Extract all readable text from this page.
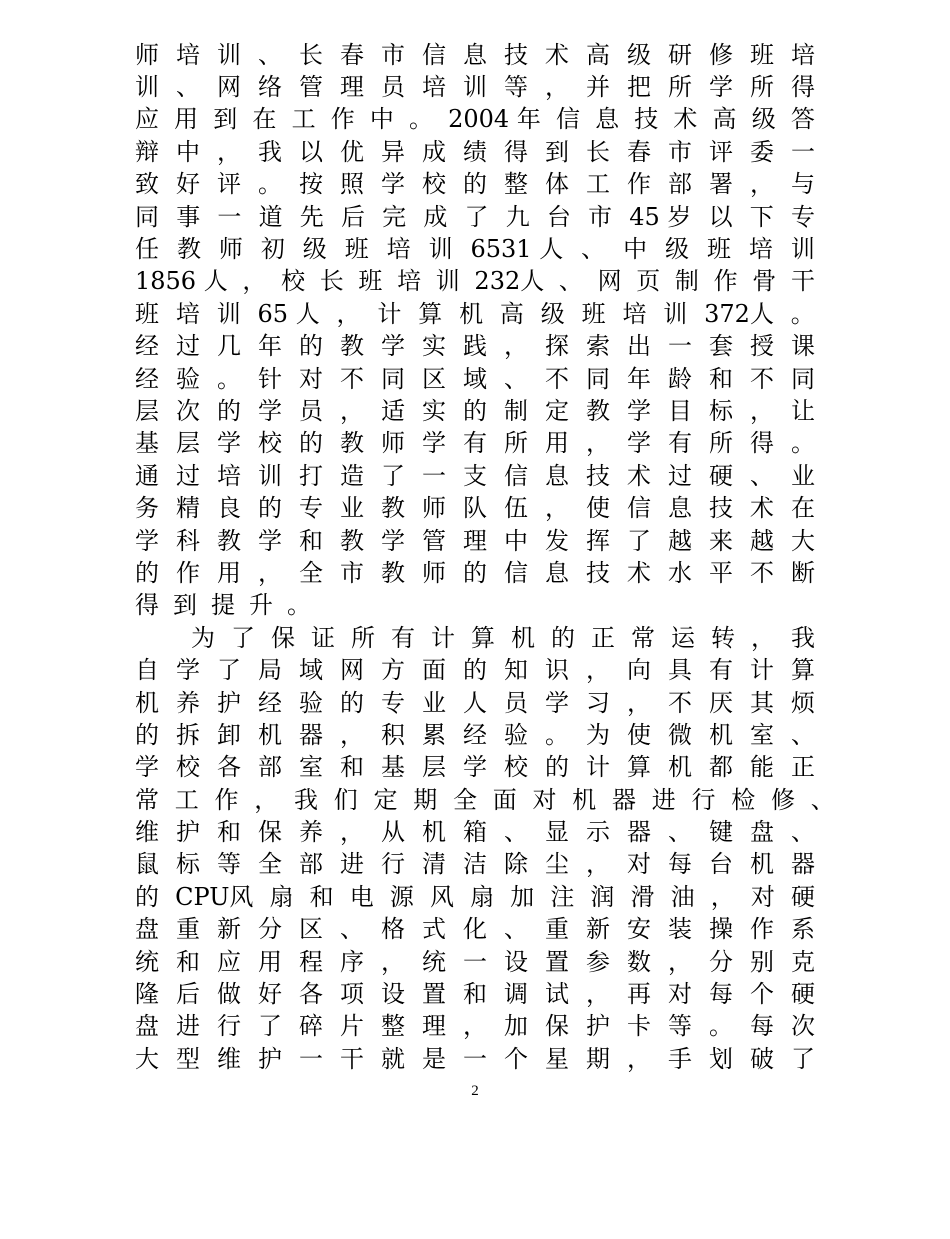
师 培 训 、 长 春 市 信 息 技 术 高 级 研 修 班 培
训 、 网 络 管 理 员 培 训 等 ， 并 把 所 学 所 得
应 用 到 在 工 作 中 。 2004 年 信 息 技 术 高 级 答
辩 中 ， 我 以 优 异 成 绩 得 到 长 春 市 评 委 一
致 好 评 。 按 照 学 校 的 整 体 工 作 部 署 ， 与
同 事 一 道 先 后 完 成 了 九 台 市 45 岁 以 下 专
任 教 师 初 级 班 培 训 6531 人 、 中 级 班 培 训
1856 人 ， 校 长 班 培 训 232人 、 网 页 制 作 骨 干
班 培 训 65 人 ， 计 算 机 高 级 班 培 训 372人 。
经 过 几 年 的 教 学 实 践 ， 探 索 出 一 套 授 课
经 验 。 针 对 不 同 区 域 、 不 同 年 龄 和 不 同
层 次 的 学 员 ， 适 实 的 制 定 教 学 目 标 ， 让
基 层 学 校 的 教 师 学 有 所 用 ， 学 有 所 得 。
通 过 培 训 打 造 了 一 支 信 息 技 术 过 硬 、 业
务 精 良 的 专 业 教 师 队 伍 ， 使 信 息 技 术 在
学 科 教 学 和 教 学 管 理 中 发 挥 了 越 来 越 大
的 作 用 ， 全 市 教 师 的 信 息 技 术 水 平 不 断
得 到 提 升 。
为 了 保 证 所 有 计 算 机 的 正 常 运 转 ， 我
自 学 了 局 域 网 方 面 的 知 识 ， 向 具 有 计 算
机 养 护 经 验 的 专 业 人 员 学 习 ， 不 厌 其 烦
的 拆 卸 机 器 ， 积 累 经 验 。 为 使 微 机 室 、
学 校 各 部 室 和 基 层 学 校 的 计 算 机 都 能 正
常 工 作 ， 我 们 定 期 全 面 对 机 器 进 行 检 修 、
维 护 和 保 养 ， 从 机 箱 、 显 示 器 、 键 盘 、
鼠 标 等 全 部 进 行 清 洁 除 尘 ， 对 每 台 机 器
的 CPU风 扇 和 电 源 风 扇 加 注 润 滑 油 ， 对 硬
盘 重 新 分 区 、 格 式 化 、 重 新 安 装 操 作 系
统 和 应 用 程 序 ， 统 一 设 置 参 数 ， 分 别 克
隆 后 做 好 各 项 设 置 和 调 试 ， 再 对 每 个 硬
盘 进 行 了 碎 片 整 理 ， 加 保 护 卡 等 。 每 次
大 型 维 护 一 干 就 是 一 个 星 期 ， 手 划 破 了
2
